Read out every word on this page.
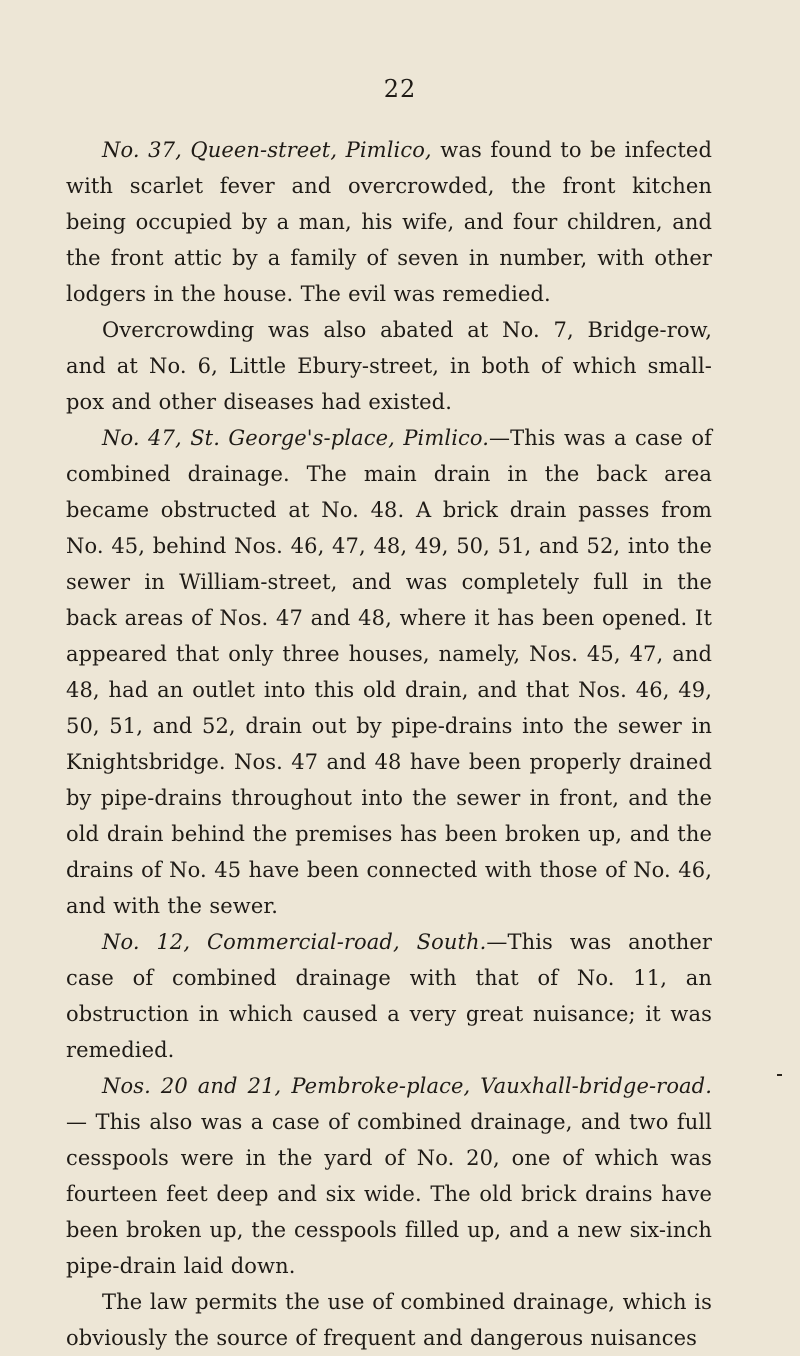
22

No. 37, Queen-street, Pimlico, was found to be infected with scarlet fever and overcrowded, the front kitchen being occupied by a man, his wife, and four children, and the front attic by a family of seven in number, with other lodgers in the house. The evil was remedied.

Overcrowding was also abated at No. 7, Bridge-row, and at No. 6, Little Ebury-street, in both of which small-pox and other diseases had existed.

No. 47, St. George's-place, Pimlico.—This was a case of combined drainage. The main drain in the back area became obstructed at No. 48. A brick drain passes from No. 45, behind Nos. 46, 47, 48, 49, 50, 51, and 52, into the sewer in William-street, and was completely full in the back areas of Nos. 47 and 48, where it has been opened. It appeared that only three houses, namely, Nos. 45, 47, and 48, had an outlet into this old drain, and that Nos. 46, 49, 50, 51, and 52, drain out by pipe-drains into the sewer in Knightsbridge. Nos. 47 and 48 have been properly drained by pipe-drains throughout into the sewer in front, and the old drain behind the premises has been broken up, and the drains of No. 45 have been connected with those of No. 46, and with the sewer.

No. 12, Commercial-road, South.—This was another case of combined drainage with that of No. 11, an obstruction in which caused a very great nuisance; it was remedied.

Nos. 20 and 21, Pembroke-place, Vauxhall-bridge-road.— This also was a case of combined drainage, and two full cesspools were in the yard of No. 20, one of which was fourteen feet deep and six wide. The old brick drains have been broken up, the cesspools filled up, and a new six-inch pipe-drain laid down.

The law permits the use of combined drainage, which is obviously the source of frequent and dangerous nuisances
